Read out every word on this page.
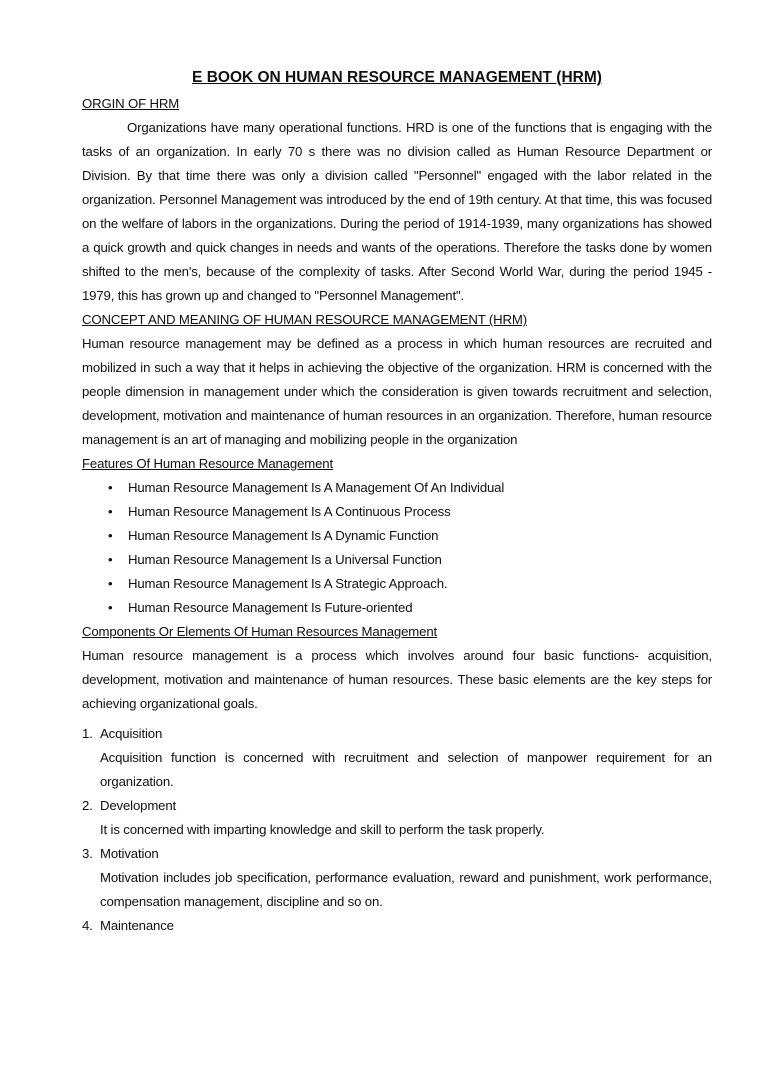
E BOOK ON HUMAN RESOURCE MANAGEMENT (HRM)
ORGIN OF HRM

Organizations have many operational functions. HRD is one of the functions that is engaging with the tasks of an organization. In early 70 s there was no division called as Human Resource Department or Division. By that time there was only a division called "Personnel" engaged with the labor related in the organization. Personnel Management was introduced by the end of 19th century. At that time, this was focused on the welfare of labors in the organizations. During the period of 1914-1939, many organizations has showed a quick growth and quick changes in needs and wants of the operations. Therefore the tasks done by women shifted to the men's, because of the complexity of tasks. After Second World War, during the period 1945 - 1979, this has grown up and changed to "Personnel Management".

CONCEPT AND MEANING OF HUMAN RESOURCE MANAGEMENT (HRM)

Human resource management may be defined as a process in which human resources are recruited and mobilized in such a way that it helps in achieving the objective of the organization. HRM is concerned with the people dimension in management under which the consideration is given towards recruitment and selection, development, motivation and maintenance of human resources in an organization. Therefore, human resource management is an art of managing and mobilizing people in the organization

Features Of Human Resource Management
• Human Resource Management Is A Management Of An Individual
• Human Resource Management Is A Continuous Process
• Human Resource Management Is A Dynamic Function
• Human Resource Management Is a Universal Function
• Human Resource Management Is A Strategic Approach.
• Human Resource Management Is Future-oriented
Components Or Elements Of Human Resources Management

Human resource management is a process which involves around four basic functions- acquisition, development, motivation and maintenance of human resources. These basic elements are the key steps for achieving organizational goals.

1. Acquisition
Acquisition function is concerned with recruitment and selection of manpower requirement for an organization.
2. Development
It is concerned with imparting knowledge and skill to perform the task properly.
3. Motivation
Motivation includes job specification, performance evaluation, reward and punishment, work performance, compensation management, discipline and so on.
4. Maintenance
